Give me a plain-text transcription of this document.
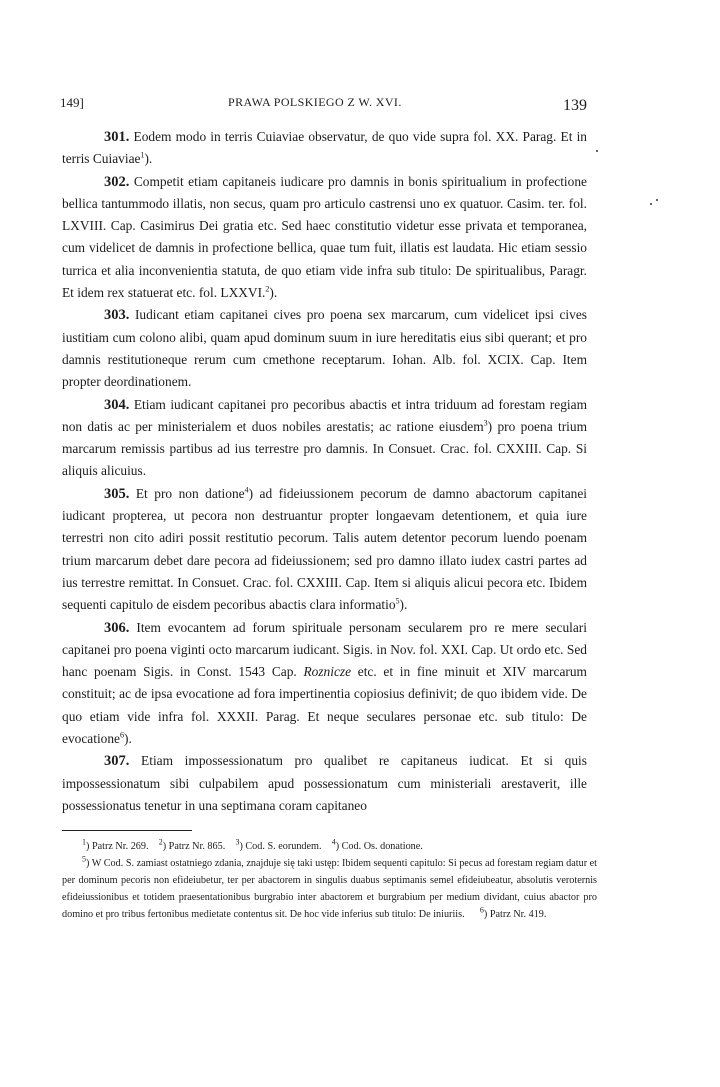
149]	PRAWA POLSKIEGO Z W. XVI.	139

301. Eodem modo in terris Cuiaviae observatur, de quo vide supra fol. XX. Parag. Et in terris Cuiaviae$^1$).

302. Competit etiam capitaneis iudicare pro damnis in bonis spiritualium in profectione bellica tantummodo illatis, non secus, quam pro articulo castrensi uno ex quatuor. Casim. ter. fol. LXVIII. Cap. Casimirus Dei gratia etc. Sed haec constitutio videtur esse privata et temporanea, cum videlicet de damnis in profectione bellica, quae tum fuit, illatis est laudata. Hic etiam sessio turrica et alia inconvenientia statuta, de quo etiam vide infra sub titulo: De spiritualibus, Paragr. Et idem rex statuerat etc. fol. LXXVI.$^2$).

303. Iudicant etiam capitanei cives pro poena sex marcarum, cum videlicet ipsi cives iustitiam cum colono alibi, quam apud dominum suum in iure hereditatis eius sibi querant; et pro damnis restitutioneque rerum cum cmethone receptarum. Iohan. Alb. fol. XCIX. Cap. Item propter deordinationem.

304. Etiam iudicant capitanei pro pecoribus abactis et intra triduum ad forestam regiam non datis ac per ministerialem et duos nobiles arestatis; ac ratione eiusdem$^3$) pro poena trium marcarum remissis partibus ad ius terrestre pro damnis. In Consuet. Crac. fol. CXXIII. Cap. Si aliquis alicuius.

305. Et pro non datione$^4$) ad fideiussionem pecorum de damno abactorum capitanei iudicant propterea, ut pecora non destruantur propter longaevam detentionem, et quia iure terrestri non cito adiri possit restitutio pecorum. Talis autem detentor pecorum luendo poenam trium marcarum debet dare pecora ad fideiussionem; sed pro damno illato iudex castri partes ad ius terrestre remittat. In Consuet. Crac. fol. CXXIII. Cap. Item si aliquis alicui pecora etc. Ibidem sequenti capitulo de eisdem pecoribus abactis clara informatio$^5$).

306. Item evocantem ad forum spirituale personam secularem pro re mere seculari capitanei pro poena viginti octo marcarum iudicant. Sigis. in Nov. fol. XXI. Cap. Ut ordo etc. Sed hanc poenam Sigis. in Const. 1543 Cap. Roznicze etc. et in fine minuit et XIV marcarum constituit; ac de ipsa evocatione ad fora impertinentia copiosius definivit; de quo ibidem vide. De quo etiam vide infra fol. XXXII. Parag. Et neque seculares personae etc. sub titulo: De evocatione$^6$).

307. Etiam impossessionatum pro qualibet re capitaneus iudicat. Et si quis impossessionatum sibi culpabilem apud possessionatum cum ministeriali arestaverit, ille possessionatus tenetur in una septimana coram capitaneo

$^1$) Patrz Nr. 269. $^2$) Patrz Nr. 865. $^3$) Cod. S. eorundem. $^4$) Cod. Os. donatione.

$^5$) W Cod. S. zamiast ostatniego zdania, znajduje się taki ustęp: Ibidem sequenti capitulo: Si pecus ad forestam regiam datur et per dominum pecoris non efideiubetur, ter per abactorem in singulis duabus septimanis semel efideiubeatur, absolutis veroternis efideiussionibus et totidem praesentationibus burgrabio inter abactorem et burgrabium per medium dividant, cuius abactor pro domino et pro tribus fertonibus medietate contentus sit. De hoc vide inferius sub titulo: De iniuriis. $^6$) Patrz Nr. 419.
